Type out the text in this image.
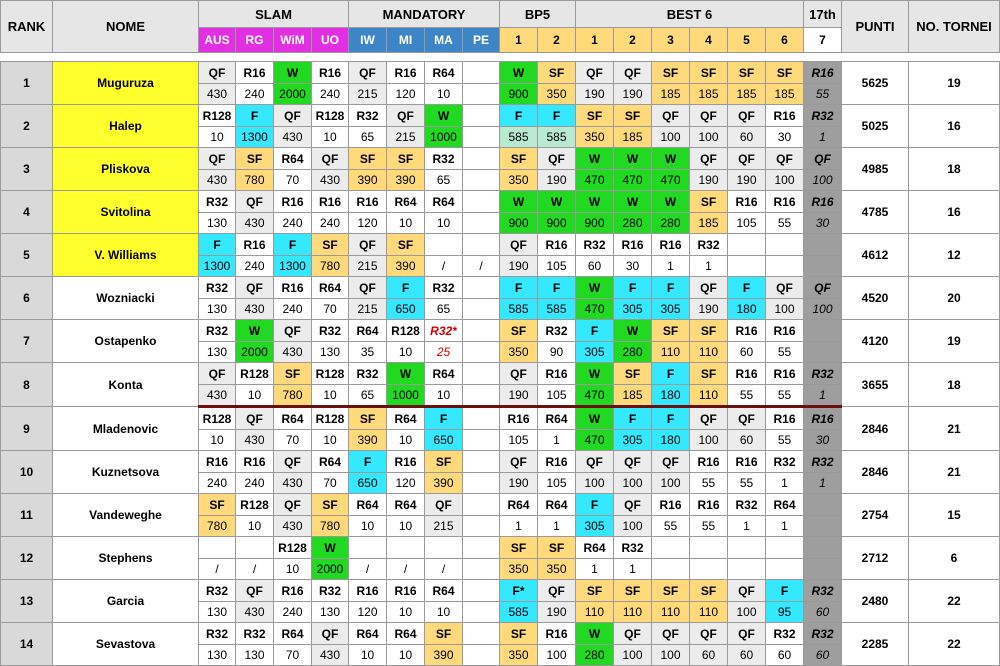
RANK	NOME	SLAM				MANDATORY				BP5		BEST 6						17th	PUNTI	NO. TORNEI
		AUS	RG	WiM	UO	IW	MI	MA	PE	1	2	1	2	3	4	5	6	7		

1	Muguruza	QF	R16	W	R16	QF	R16	R64		W	SF	QF	QF	SF	SF	SF	SF	R16	5625	19
		430	240	2000	240	215	120	10		900	350	190	190	185	185	185	185	55		
2	Halep	R128	F	QF	R128	R32	QF	W		F	F	SF	SF	QF	QF	QF	R16	R32	5025	16
		10	1300	430	10	65	215	1000		585	585	350	185	100	100	60	30	1		
3	Pliskova	QF	SF	R64	QF	SF	SF	R32		SF	QF	W	W	W	QF	QF	QF	QF	4985	18
		430	780	70	430	390	390	65		350	190	470	470	470	190	190	100	100		
4	Svitolina	R32	QF	R16	R16	R16	R64	R64		W	W	W	W	W	SF	R16	R16	R16	4785	16
		130	430	240	240	120	10	10		900	900	900	280	280	185	105	55	30		
5	V. Williams	F	R16	F	SF	QF	SF			QF	R16	R32	R16	R16	R32				4612	12
		1300	240	1300	780	215	390	/	/	190	105	60	30	1	1					
6	Wozniacki	R32	QF	R16	R64	QF	F	R32		F	F	W	F	F	QF	F	QF	QF	4520	20
		130	430	240	70	215	650	65		585	585	470	305	305	190	180	100	100		
7	Ostapenko	R32	W	QF	R32	R64	R128	R32*		SF	R32	F	W	SF	SF	R16	R16		4120	19
		130	2000	430	130	35	10	25		350	90	305	280	110	110	60	55			
8	Konta	QF	R128	SF	R128	R32	W	R64		QF	R16	W	SF	F	SF	R16	R16	R32	3655	18
		430	10	780	10	65	1000	10		190	105	470	185	180	110	55	55	1		
9	Mladenovic	R128	QF	R64	R128	SF	R64	F		R16	R64	W	F	F	QF	QF	R16	R16	2846	21
		10	430	70	10	390	10	650		105	1	470	305	180	100	60	55	30		
10	Kuznetsova	R16	R16	QF	R64	F	R16	SF		QF	R16	QF	QF	QF	R16	R16	R32	R32	2846	21
		240	240	430	70	650	120	390		190	105	100	100	100	55	55	1	1		
11	Vandeweghe	SF	R128	QF	SF	R64	R64	QF		R64	R64	F	QF	R16	R16	R32	R64		2754	15
		780	10	430	780	10	10	215		1	1	305	100	55	55	1	1			
12	Stephens			R128	W					SF	SF	R64	R32						2712	6
		/	/	10	2000	/	/	/		350	350	1	1							
13	Garcia	R32	QF	R16	R32	R16	R16	R64		F*	QF	SF	SF	SF	SF	QF	F	R32	2480	22
		130	430	240	130	120	10	10		585	190	110	110	110	110	100	95	60		
14	Sevastova	R32	R32	R64	QF	R64	R64	SF		SF	R16	W	QF	QF	QF	QF	R32	R32	2285	22
		130	130	70	430	10	10	390		350	100	280	100	100	60	60	60	60		
